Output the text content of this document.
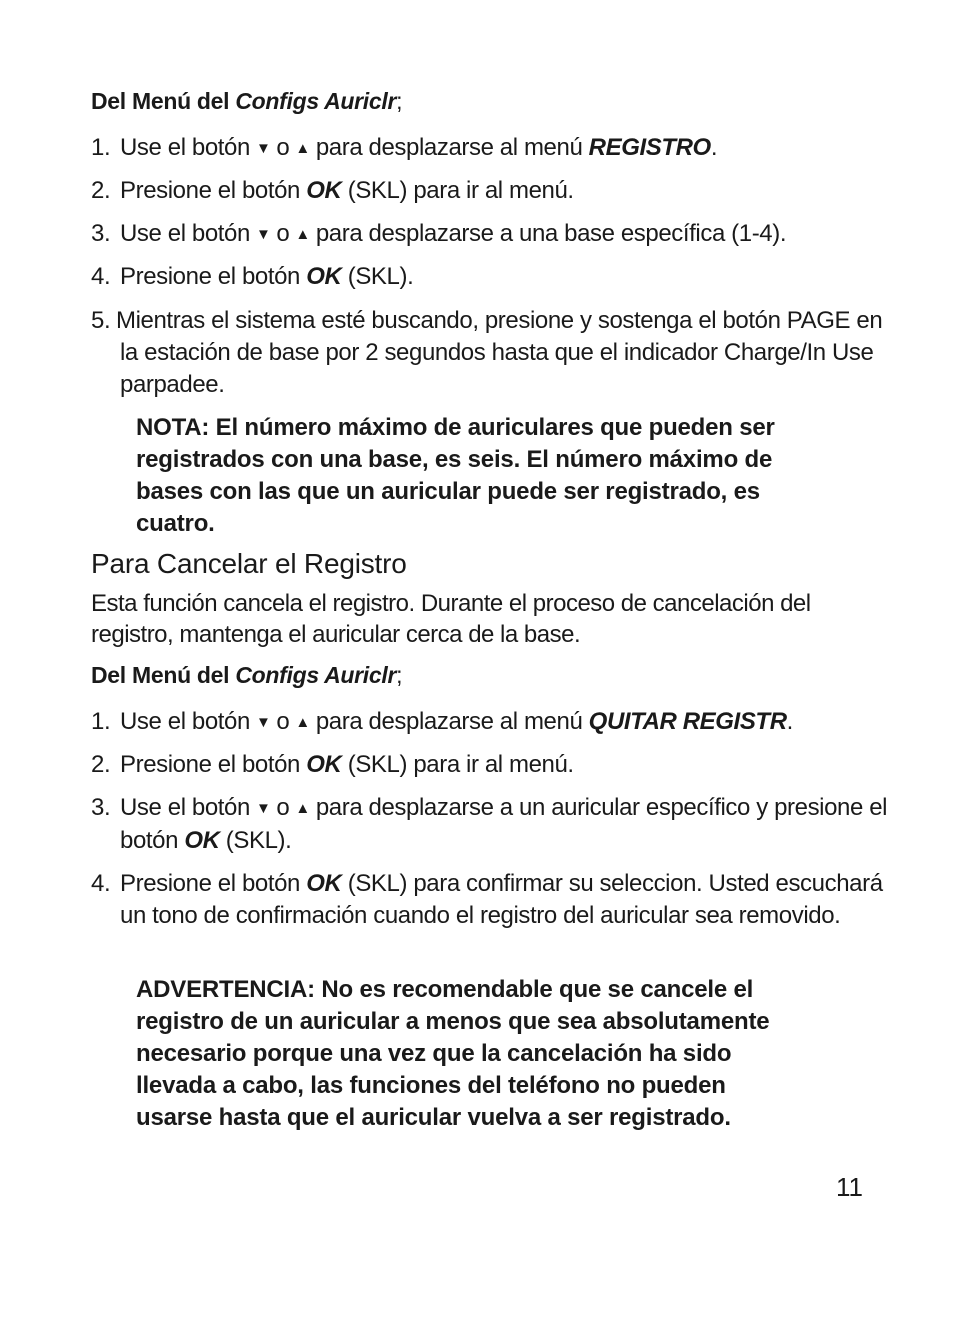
Del Menú del Configs Auriclr;
1. Use el botón ▼ o ▲ para desplazarse al menú REGISTRO.
2. Presione el botón OK (SKL) para ir al menú.
3. Use el botón ▼ o ▲ para desplazarse a una base específica (1-4).
4. Presione el botón OK (SKL).
5. Mientras el sistema esté buscando, presione y sostenga el botón PAGE en la estación de base por 2 segundos hasta que el indicador Charge/In Use parpadee.
NOTA: El número máximo de auriculares que pueden ser registrados con una base, es seis. El número máximo de bases con las que un auricular puede ser registrado, es cuatro.
Para Cancelar el Registro
Esta función cancela el registro. Durante el proceso de cancelación del registro, mantenga el auricular cerca de la base.
Del Menú del Configs Auriclr;
1. Use el botón ▼ o ▲ para desplazarse al menú QUITAR REGISTR.
2. Presione el botón OK (SKL) para ir al menú.
3. Use el botón ▼ o ▲ para desplazarse a un auricular específico y presione el botón OK (SKL).
4. Presione el botón OK (SKL) para confirmar su seleccion. Usted escuchará un tono de confirmación cuando el registro del auricular sea removido.
ADVERTENCIA: No es recomendable que se cancele el registro de un auricular a menos que sea absolutamente necesario porque una vez que la cancelación ha sido llevada a cabo, las funciones del teléfono no pueden usarse hasta que el auricular vuelva a ser registrado.
11
